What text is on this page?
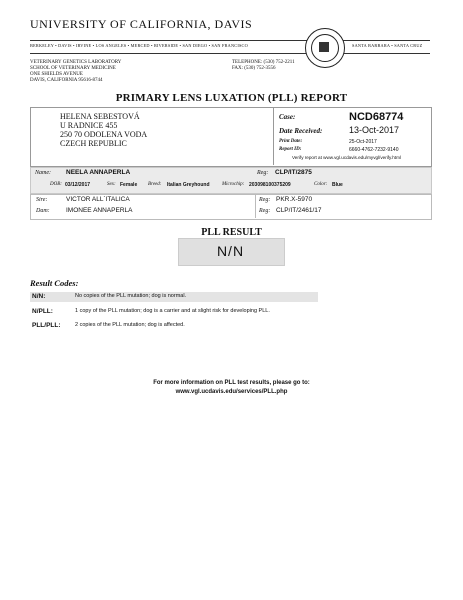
UNIVERSITY OF CALIFORNIA, DAVIS
BERKELEY • DAVIS • IRVINE • LOS ANGELES • MERCED • RIVERSIDE • SAN DIEGO • SAN FRANCISCO	SANTA BARBARA • SANTA CRUZ
VETERINARY GENETICS LABORATORY
SCHOOL OF VETERINARY MEDICINE
ONE SHIELDS AVENUE
DAVIS, CALIFORNIA 95616-8744
TELEPHONE: (530) 752-2211
FAX: (530) 752-3556
PRIMARY LENS LUXATION (PLL) REPORT
HELENA SEBESTOVÁ
U RADNICE 455
250 70 ODOLENA VODA
CZECH REPUBLIC
Case:	NCD68774
Date Received:	13-Oct-2017
Print Date:	25-Oct-2017
Report ID:	6660-4762-7232-9140
Verify report at www.vgl.ucdavis.edu/myvgl/verify.html
Name: NEELA ANNAPERLA	Reg: CLP/IT/2875
DOB: 03/12/2017	Sex: Female Breed: Italian Greyhound Microchip: 203098100375209	Color: Blue
Sire:	VICTOR ALL´ITALICA	Reg: PKR.X-5970
Dam:	IMONEE ANNAPERLA	Reg: CLP/IT/2461/17
PLL RESULT
N/N
Result Codes:
N/N:	No copies of the PLL mutation; dog is normal.
N/PLL:	1 copy of the PLL mutation; dog is a carrier and at slight risk for developing PLL.
PLL/PLL:	2 copies of the PLL mutation; dog is affected.
For more information on PLL test results, please go to:
www.vgl.ucdavis.edu/services/PLL.php
